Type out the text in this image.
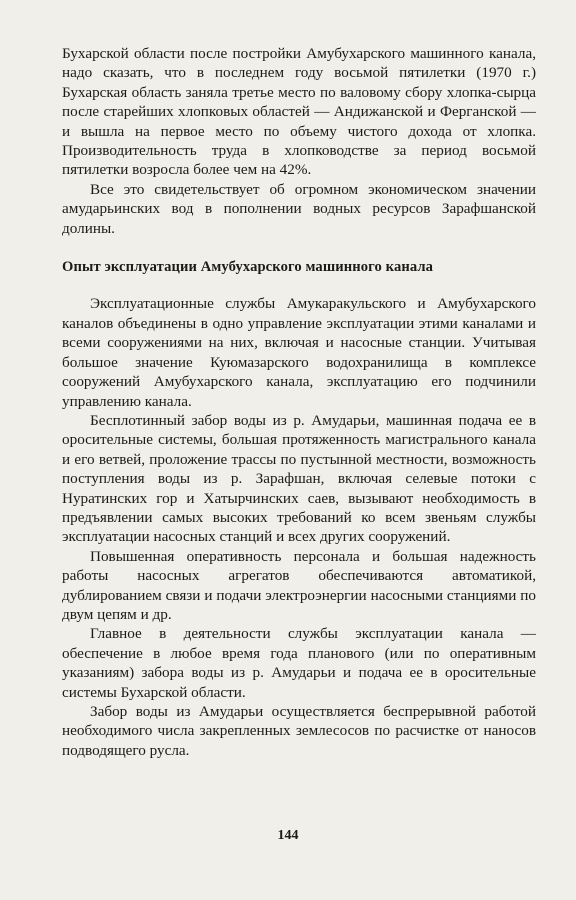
Бухарской области после постройки Амубухарского машинного канала, надо сказать, что в последнем году восьмой пятилетки (1970 г.) Бухарская область заняла третье место по валовому сбору хлопка-сырца после старейших хлопковых областей — Андижанской и Ферганской — и вышла на первое место по объему чистого дохода от хлопка. Производительность труда в хлопководстве за период восьмой пятилетки возросла более чем на 42%.

Все это свидетельствует об огромном экономическом значении амударьинских вод в пополнении водных ресурсов Зарафшанской долины.

Опыт эксплуатации Амубухарского машинного канала

Эксплуатационные службы Амукаракульского и Амубухарского каналов объединены в одно управление эксплуатации этими каналами и всеми сооружениями на них, включая и насосные станции. Учитывая большое значение Куюмазарского водохранилища в комплексе сооружений Амубухарского канала, эксплуатацию его подчинили управлению канала.

Бесплотинный забор воды из р. Амударьи, машинная подача ее в оросительные системы, большая протяженность магистрального канала и его ветвей, проложение трассы по пустынной местности, возможность поступления воды из р. Зарафшан, включая селевые потоки с Нуратинских гор и Хатырчинских саев, вызывают необходимость в предъявлении самых высоких требований ко всем звеньям службы эксплуатации насосных станций и всех других сооружений.

Повышенная оперативность персонала и большая надежность работы насосных агрегатов обеспечиваются автоматикой, дублированием связи и подачи электроэнергии насосными станциями по двум цепям и др.

Главное в деятельности службы эксплуатации канала — обеспечение в любое время года планового (или по оперативным указаниям) забора воды из р. Амударьи и подача ее в оросительные системы Бухарской области.

Забор воды из Амударьи осуществляется беспрерывной работой необходимого числа закрепленных землесосов по расчистке от наносов подводящего русла.

144
